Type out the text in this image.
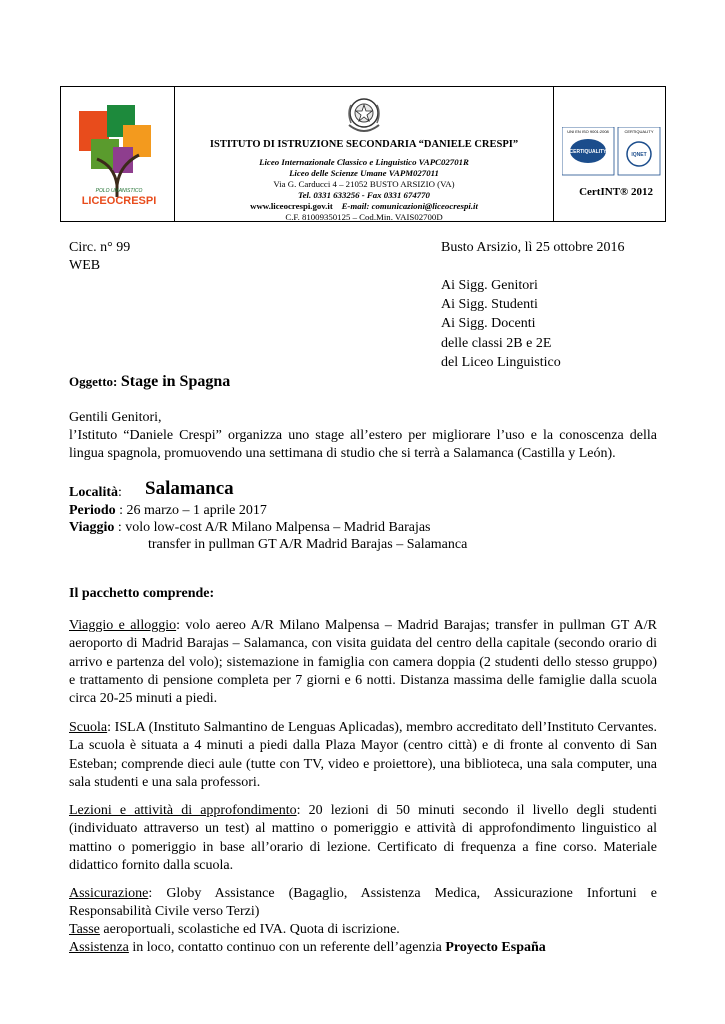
POLO UMANISTICO
LICEOCRESPI
ISTITUTO DI ISTRUZIONE SECONDARIA “DANIELE CRESPI”
Liceo Internazionale Classico e Linguistico VAPC02701R
Liceo delle Scienze Umane VAPM027011
Via G. Carducci 4 – 21052 BUSTO ARSIZIO (VA)
Tel. 0331 633256 - Fax 0331 674770
www.liceocrespi.gov.it E-mail: comunicazioni@liceocrespi.it
C.F. 81009350125 – Cod.Min. VAIS02700D
UNI EN ISO 9001:2008
CERTIQUALITY
CERTIQUALITY
IQNET
CertINT® 2012
Circ. n° 99
WEB
Busto Arsizio, lì 25 ottobre 2016
Ai Sigg. Genitori
Ai Sigg. Studenti
Ai Sigg. Docenti
delle classi 2B e 2E
del Liceo Linguistico
Oggetto: Stage in Spagna
Gentili Genitori,
l’Istituto “Daniele Crespi” organizza uno stage all’estero per migliorare l’uso e la conoscenza della lingua spagnola, promuovendo una settimana di studio che si terrà a Salamanca (Castilla y León).
Località: Salamanca
Periodo : 26 marzo – 1 aprile 2017
Viaggio : volo low-cost A/R Milano Malpensa – Madrid Barajas
transfer in pullman GT A/R Madrid Barajas – Salamanca
Il pacchetto comprende:
Viaggio e alloggio: volo aereo A/R Milano Malpensa – Madrid Barajas; transfer in pullman GT A/R aeroporto di Madrid Barajas – Salamanca, con visita guidata del centro della capitale (secondo orario di arrivo e partenza del volo); sistemazione in famiglia con camera doppia (2 studenti dello stesso gruppo) e trattamento di pensione completa per 7 giorni e 6 notti. Distanza massima delle famiglie dalla scuola circa 20-25 minuti a piedi.
Scuola: ISLA (Instituto Salmantino de Lenguas Aplicadas), membro accreditato dell’Instituto Cervantes. La scuola è situata a 4 minuti a piedi dalla Plaza Mayor (centro città) e di fronte al convento di San Esteban; comprende dieci aule (tutte con TV, video e proiettore), una biblioteca, una sala computer, una sala studenti e una sala professori.
Lezioni e attività di approfondimento: 20 lezioni di 50 minuti secondo il livello degli studenti (individuato attraverso un test) al mattino o pomeriggio e attività di approfondimento linguistico al mattino o pomeriggio in base all’orario di lezione. Certificato di frequenza a fine corso. Materiale didattico fornito dalla scuola.
Assicurazione: Globy Assistance (Bagaglio, Assistenza Medica, Assicurazione Infortuni e Responsabilità Civile verso Terzi)
Tasse aeroportuali, scolastiche ed IVA. Quota di iscrizione.
Assistenza in loco, contatto continuo con un referente dell’agenzia Proyecto España
